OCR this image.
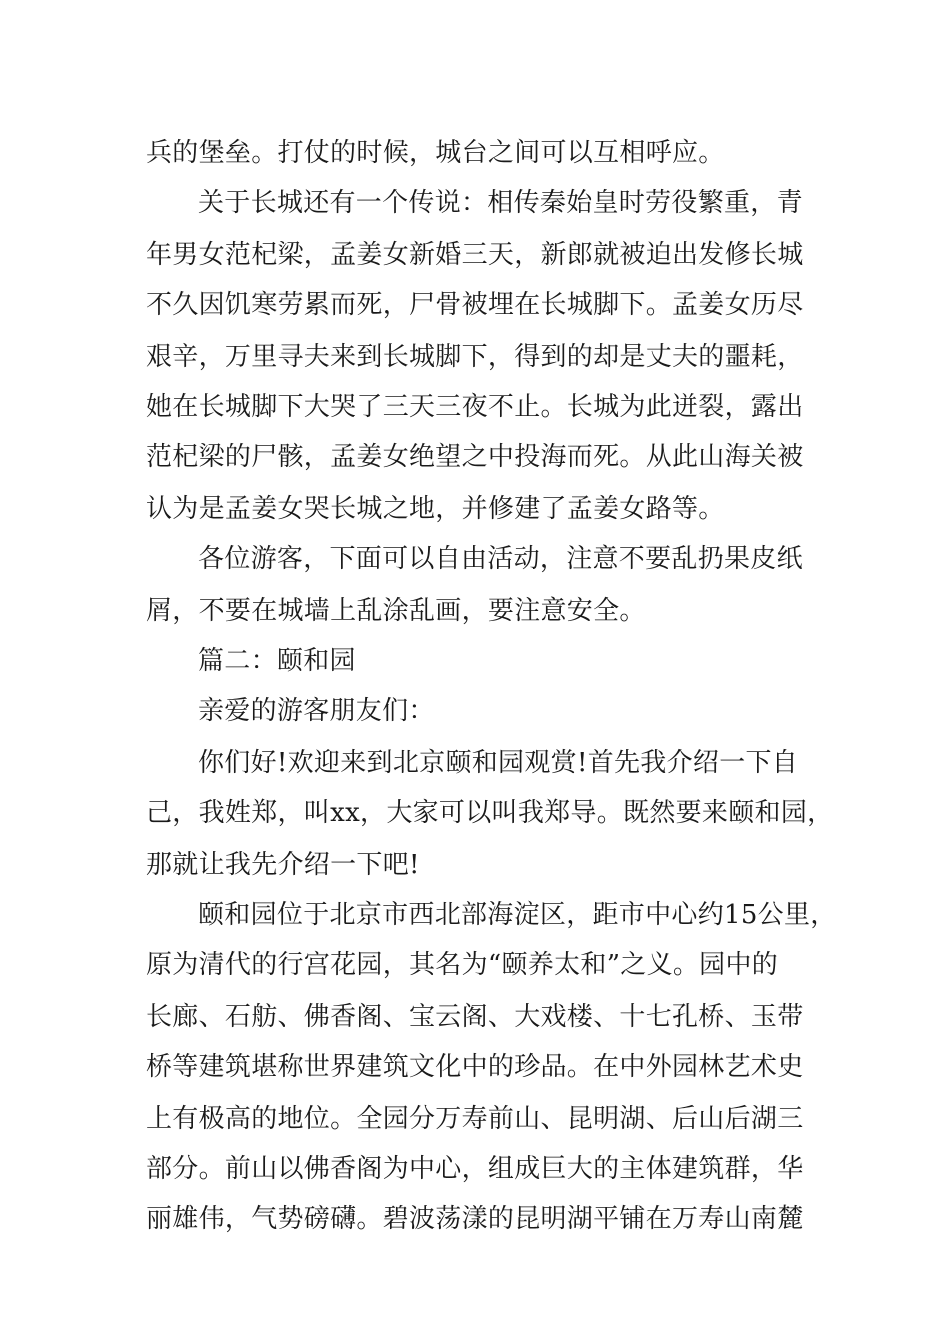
兵的堡垒。打仗的时候，城台之间可以互相呼应。
关于长城还有一个传说：相传秦始皇时劳役繁重，青
年男女范杞梁，孟姜女新婚三天，新郎就被迫出发修长城
不久因饥寒劳累而死，尸骨被埋在长城脚下。孟姜女历尽
艰辛，万里寻夫来到长城脚下，得到的却是丈夫的噩耗，
她在长城脚下大哭了三天三夜不止。长城为此迸裂，露出
范杞梁的尸骸，孟姜女绝望之中投海而死。从此山海关被
认为是孟姜女哭长城之地，并修建了孟姜女路等。
各位游客，下面可以自由活动，注意不要乱扔果皮纸
屑，不要在城墙上乱涂乱画，要注意安全。
篇二：颐和园
亲爱的游客朋友们：
你们好!欢迎来到北京颐和园观赏!首先我介绍一下自
己，我姓郑，叫xx，大家可以叫我郑导。既然要来颐和园，
那就让我先介绍一下吧!
颐和园位于北京市西北部海淀区，距市中心约15公里，
原为清代的行宫花园，其名为“颐养太和”之义。园中的
长廊、石舫、佛香阁、宝云阁、大戏楼、十七孔桥、玉带
桥等建筑堪称世界建筑文化中的珍品。在中外园林艺术史
上有极高的地位。全园分万寿前山、昆明湖、后山后湖三
部分。前山以佛香阁为中心，组成巨大的主体建筑群，华
丽雄伟，气势磅礴。碧波荡漾的昆明湖平铺在万寿山南麓
